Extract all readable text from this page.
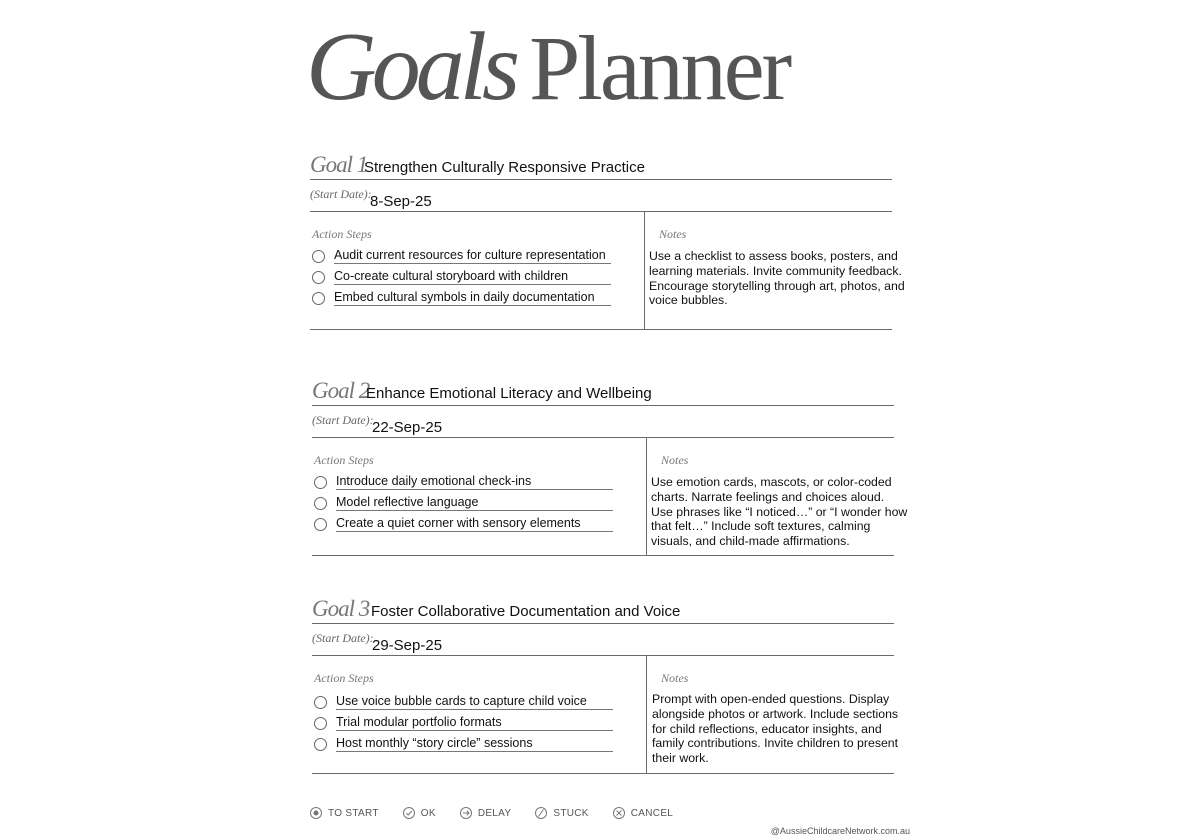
Goals Planner
Goal 1
Strengthen Culturally Responsive Practice
(Start Date):
8-Sep-25
Action Steps	Notes
Audit current resources for culture representation
Co-create cultural storyboard with children
Embed cultural symbols in daily documentation

Use a checklist to assess books, posters, and learning materials. Invite community feedback. Encourage storytelling through art, photos, and voice bubbles.

Goal 2
Enhance Emotional Literacy and Wellbeing
(Start Date):
22-Sep-25
Action Steps	Notes
Introduce daily emotional check-ins
Model reflective language
Create a quiet corner with sensory elements

Use emotion cards, mascots, or color-coded charts. Narrate feelings and choices aloud. Use phrases like “I noticed…” or “I wonder how that felt…” Include soft textures, calming visuals, and child-made affirmations.

Goal 3 Foster Collaborative Documentation and Voice
(Start Date):
29-Sep-25
Action Steps	Notes
Use voice bubble cards to capture child voice
Trial modular portfolio formats
Host monthly “story circle” sessions

Prompt with open-ended questions. Display alongside photos or artwork. Include sections for child reflections, educator insights, and family contributions. Invite children to present their work.

TO START	OK	DELAY	STUCK	CANCEL
@AussieChildcareNetwork.com.au
